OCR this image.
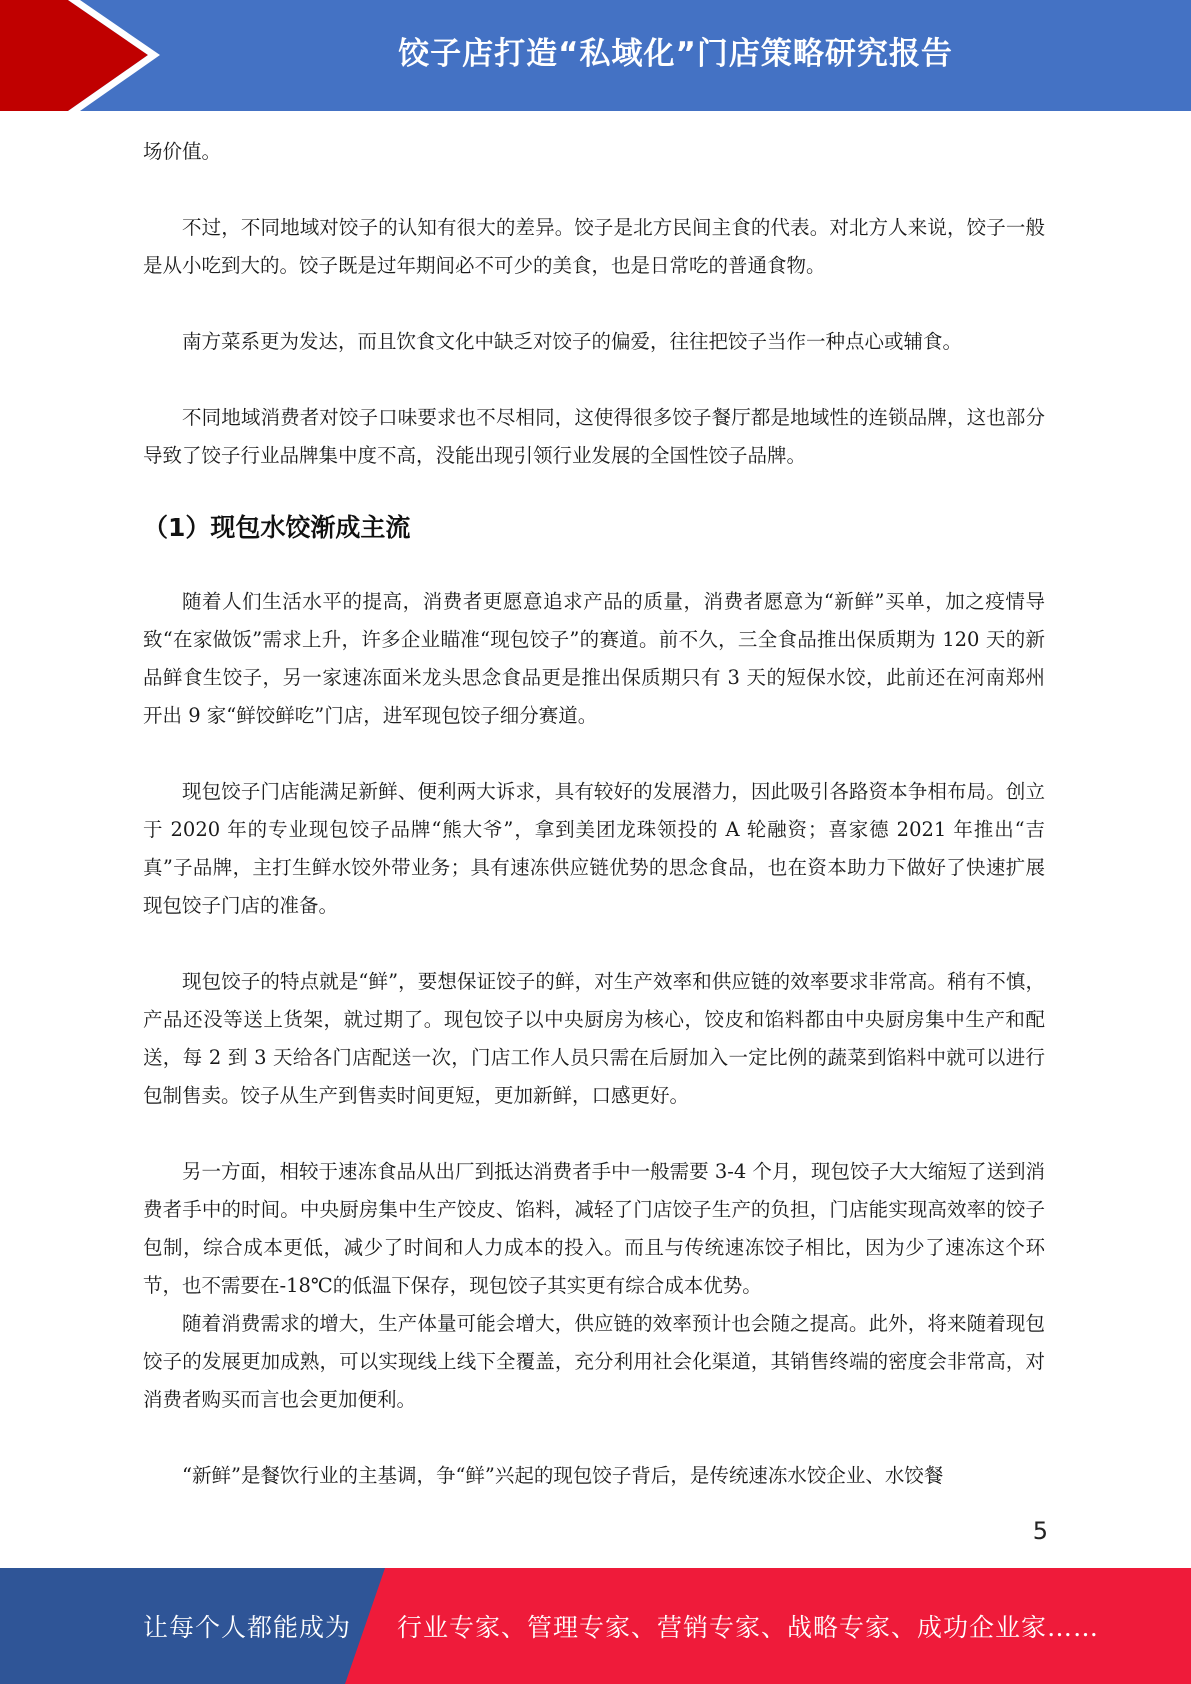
饺子店打造“私域化”门店策略研究报告

场价值。

不过，不同地域对饺子的认知有很大的差异。饺子是北方民间主食的代表。对北方人来说，饺子一般是从小吃到大的。饺子既是过年期间必不可少的美食，也是日常吃的普通食物。

南方菜系更为发达，而且饮食文化中缺乏对饺子的偏爱，往往把饺子当作一种点心或辅食。

不同地域消费者对饺子口味要求也不尽相同，这使得很多饺子餐厅都是地域性的连锁品牌，这也部分导致了饺子行业品牌集中度不高，没能出现引领行业发展的全国性饺子品牌。

（1）现包水饺渐成主流

随着人们生活水平的提高，消费者更愿意追求产品的质量，消费者愿意为“新鲜”买单，加之疫情导致“在家做饭”需求上升，许多企业瞄准“现包饺子”的赛道。前不久，三全食品推出保质期为 120 天的新品鲜食生饺子，另一家速冻面米龙头思念食品更是推出保质期只有 3 天的短保水饺，此前还在河南郑州开出 9 家“鲜饺鲜吃”门店，进军现包饺子细分赛道。

现包饺子门店能满足新鲜、便利两大诉求，具有较好的发展潜力，因此吸引各路资本争相布局。创立于 2020 年的专业现包饺子品牌“熊大爷”，拿到美团龙珠领投的 A 轮融资；喜家德 2021 年推出“吉真”子品牌，主打生鲜水饺外带业务；具有速冻供应链优势的思念食品，也在资本助力下做好了快速扩展现包饺子门店的准备。

现包饺子的特点就是“鲜”，要想保证饺子的鲜，对生产效率和供应链的效率要求非常高。稍有不慎，产品还没等送上货架，就过期了。现包饺子以中央厨房为核心，饺皮和馅料都由中央厨房集中生产和配送，每 2 到 3 天给各门店配送一次，门店工作人员只需在后厨加入一定比例的蔬菜到馅料中就可以进行包制售卖。饺子从生产到售卖时间更短，更加新鲜，口感更好。

另一方面，相较于速冻食品从出厂到抵达消费者手中一般需要 3-4 个月，现包饺子大大缩短了送到消费者手中的时间。中央厨房集中生产饺皮、馅料，减轻了门店饺子生产的负担，门店能实现高效率的饺子包制，综合成本更低，减少了时间和人力成本的投入。而且与传统速冻饺子相比，因为少了速冻这个环节，也不需要在-18℃的低温下保存，现包饺子其实更有综合成本优势。

随着消费需求的增大，生产体量可能会增大，供应链的效率预计也会随之提高。此外，将来随着现包饺子的发展更加成熟，可以实现线上线下全覆盖，充分利用社会化渠道，其销售终端的密度会非常高，对消费者购买而言也会更加便利。

“新鲜”是餐饮行业的主基调，争“鲜”兴起的现包饺子背后，是传统速冻水饺企业、水饺餐

5
让每个人都能成为 行业专家、管理专家、营销专家、战略专家、成功企业家……
